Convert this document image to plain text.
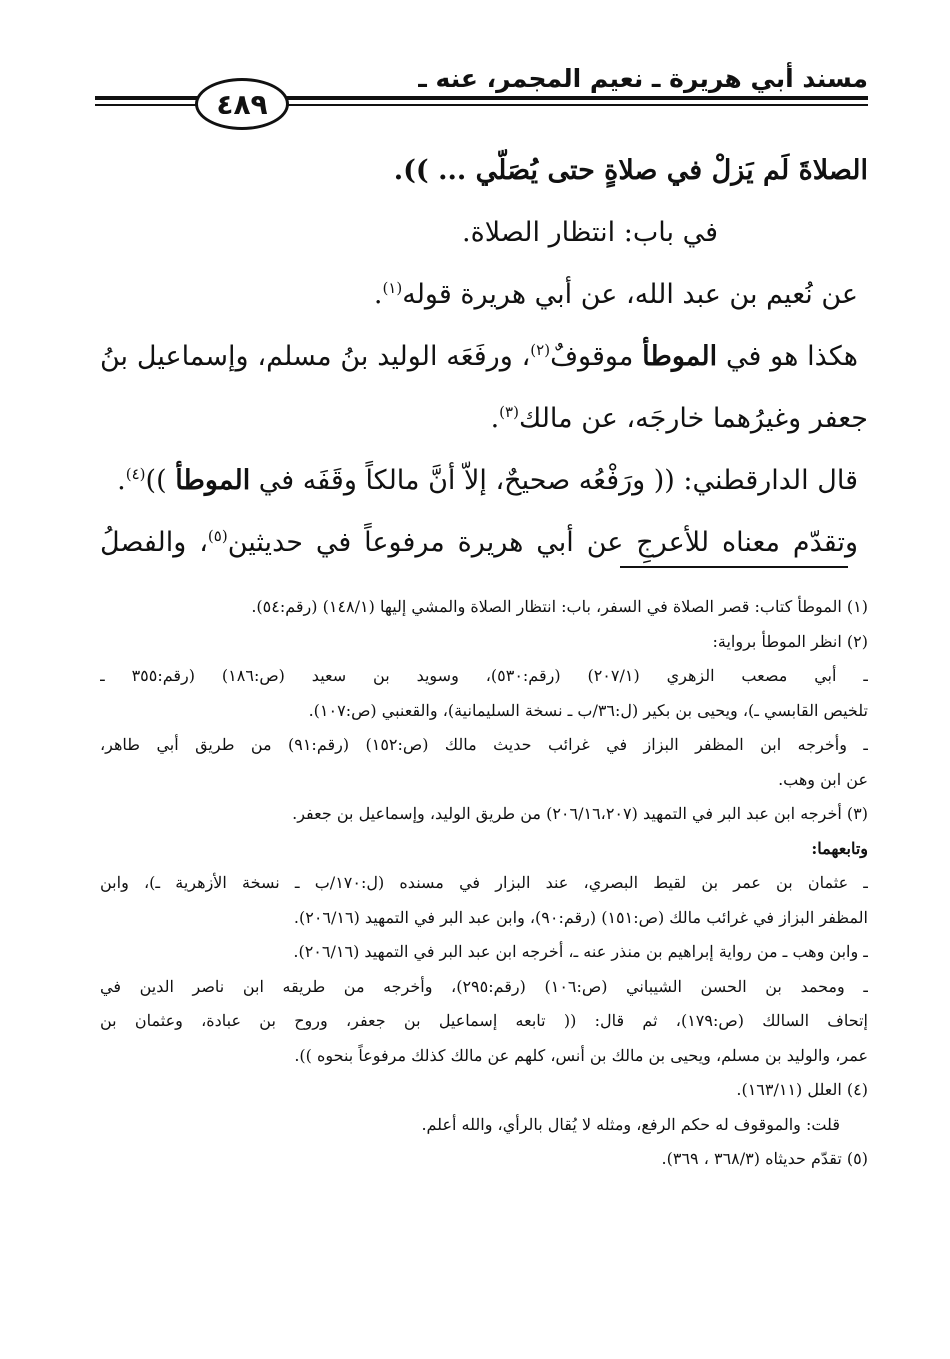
مسند أبي هريرة ـ نعيم المجمر، عنه ـ
٤٨٩
الصلاةَ لَم يَزلْ في صلاةٍ حتى يُصَلّي ... )).
في باب: انتظار الصلاة.
عن نُعيم بن عبد الله، عن أبي هريرة قوله$^{(١)}$.
هكذا هو في الموطأ موقوفٌ$^{(٢)}$، ورفَعَه الوليد بنُ مسلم، وإسماعيل بنُ
جعفر وغيرُهما خارجَه، عن مالك$^{(٣)}$.
قال الدارقطني: (( ورَفْعُه صحيحٌ، إلاّ أنَّ مالكاً وقَفَه في الموطأ ))$^{(٤)}$.
وتقدّم معناه للأعرجِ عن أبي هريرة مرفوعاً في حديثين$^{(٥)}$، والفصلُ
(١) الموطأ كتاب: قصر الصلاة في السفر، باب: انتظار الصلاة والمشي إليها (١٤٨/١) (رقم:٥٤).
(٢) انظر الموطأ برواية:
ـ أبي مصعب الزهري (٢٠٧/١) (رقم:٥٣٠)، وسويد بن سعيد (ص:١٨٦) (رقم:٣٥٥ ـ
تلخيص القابسي ـ)، ويحيى بن بكير (ل:٣٦/ب ـ نسخة السليمانية)، والقعنبي (ص:١٠٧).
ـ وأخرجه ابن المظفر البزاز في غرائب حديث مالك (ص:١٥٢) (رقم:٩١) من طريق أبي طاهر،
عن ابن وهب.
(٣) أخرجه ابن عبد البر في التمهيد (٢٠٦/١٦،٢٠٧) من طريق الوليد، وإسماعيل بن جعفر.
وتابعهما:
ـ عثمان بن عمر بن لقيط البصري، عند البزار في مسنده (ل:١٧٠/ب ـ نسخة الأزهرية ـ)، وابن
المظفر البزاز في غرائب مالك (ص:١٥١) (رقم:٩٠)، وابن عبد البر في التمهيد (٢٠٦/١٦).
ـ وابن وهب ـ من رواية إبراهيم بن منذر عنه ـ، أخرجه ابن عبد البر في التمهيد (٢٠٦/١٦).
ـ ومحمد بن الحسن الشيباني (ص:١٠٦) (رقم:٢٩٥)، وأخرجه من طريقه ابن ناصر الدين في
إتحاف السالك (ص:١٧٩)، ثم قال: (( تابعه إسماعيل بن جعفر، وروح بن عبادة، وعثمان بن
عمر، والوليد بن مسلم، ويحيى بن مالك بن أنس، كلهم عن مالك كذلك مرفوعاً بنحوه )).
(٤) العلل (١٦٣/١١).
قلت: والموقوف له حكم الرفع، ومثله لا يُقال بالرأي، والله أعلم.
(٥) تقدّم حديثاه (٣٦٨/٣ ، ٣٦٩).
